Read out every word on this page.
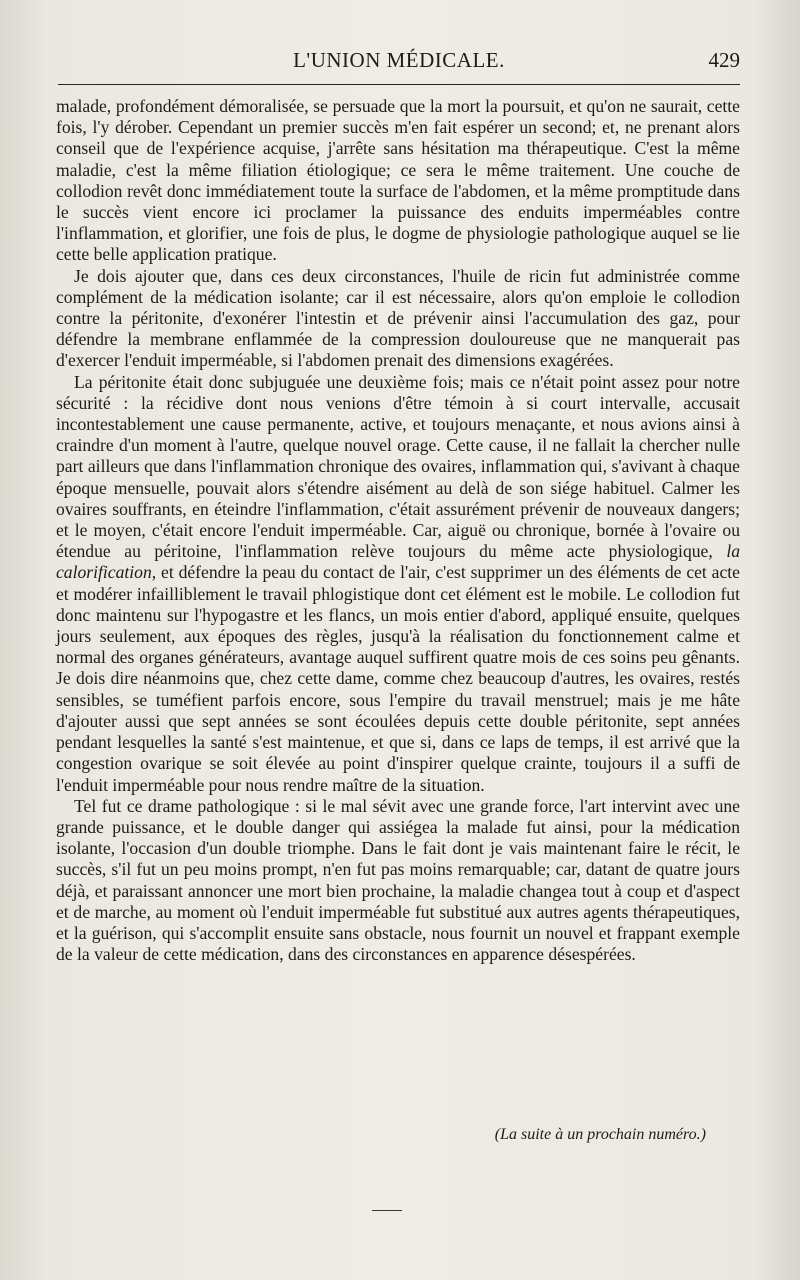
L'UNION MÉDICALE.	429

malade, profondément démoralisée, se persuade que la mort la poursuit, et qu'on ne saurait, cette fois, l'y dérober. Cependant un premier succès m'en fait espérer un second; et, ne prenant alors conseil que de l'expérience acquise, j'arrête sans hésitation ma thérapeutique. C'est la même maladie, c'est la même filiation étiologique; ce sera le même traitement. Une couche de collodion revêt donc immédiatement toute la surface de l'abdomen, et la même promptitude dans le succès vient encore ici proclamer la puissance des enduits imperméables contre l'inflammation, et glorifier, une fois de plus, le dogme de physiologie pathologique auquel se lie cette belle application pratique.

Je dois ajouter que, dans ces deux circonstances, l'huile de ricin fut administrée comme complément de la médication isolante; car il est nécessaire, alors qu'on emploie le collodion contre la péritonite, d'exonérer l'intestin et de prévenir ainsi l'accumulation des gaz, pour défendre la membrane enflammée de la compression douloureuse que ne manquerait pas d'exercer l'enduit imperméable, si l'abdomen prenait des dimensions exagérées.

La péritonite était donc subjuguée une deuxième fois; mais ce n'était point assez pour notre sécurité : la récidive dont nous venions d'être témoin à si court intervalle, accusait incontestablement une cause permanente, active, et toujours menaçante, et nous avions ainsi à craindre d'un moment à l'autre, quelque nouvel orage. Cette cause, il ne fallait la chercher nulle part ailleurs que dans l'inflammation chronique des ovaires, inflammation qui, s'avivant à chaque époque mensuelle, pouvait alors s'étendre aisément au delà de son siége habituel. Calmer les ovaires souffrants, en éteindre l'inflammation, c'était assurément prévenir de nouveaux dangers; et le moyen, c'était encore l'enduit imperméable. Car, aiguë ou chronique, bornée à l'ovaire ou étendue au péritoine, l'inflammation relève toujours du même acte physiologique, la calorification, et défendre la peau du contact de l'air, c'est supprimer un des éléments de cet acte et modérer infailliblement le travail phlogistique dont cet élément est le mobile. Le collodion fut donc maintenu sur l'hypogastre et les flancs, un mois entier d'abord, appliqué ensuite, quelques jours seulement, aux époques des règles, jusqu'à la réalisation du fonctionnement calme et normal des organes générateurs, avantage auquel suffirent quatre mois de ces soins peu gênants. Je dois dire néanmoins que, chez cette dame, comme chez beaucoup d'autres, les ovaires, restés sensibles, se tuméfient parfois encore, sous l'empire du travail menstruel; mais je me hâte d'ajouter aussi que sept années se sont écoulées depuis cette double péritonite, sept années pendant lesquelles la santé s'est maintenue, et que si, dans ce laps de temps, il est arrivé que la congestion ovarique se soit élevée au point d'inspirer quelque crainte, toujours il a suffi de l'enduit imperméable pour nous rendre maître de la situation.

Tel fut ce drame pathologique : si le mal sévit avec une grande force, l'art intervint avec une grande puissance, et le double danger qui assiégea la malade fut ainsi, pour la médication isolante, l'occasion d'un double triomphe. Dans le fait dont je vais maintenant faire le récit, le succès, s'il fut un peu moins prompt, n'en fut pas moins remarquable; car, datant de quatre jours déjà, et paraissant annoncer une mort bien prochaine, la maladie changea tout à coup et d'aspect et de marche, au moment où l'enduit imperméable fut substitué aux autres agents thérapeutiques, et la guérison, qui s'accomplit ensuite sans obstacle, nous fournit un nouvel et frappant exemple de la valeur de cette médication, dans des circonstances en apparence désespérées.

(La suite à un prochain numéro.)
